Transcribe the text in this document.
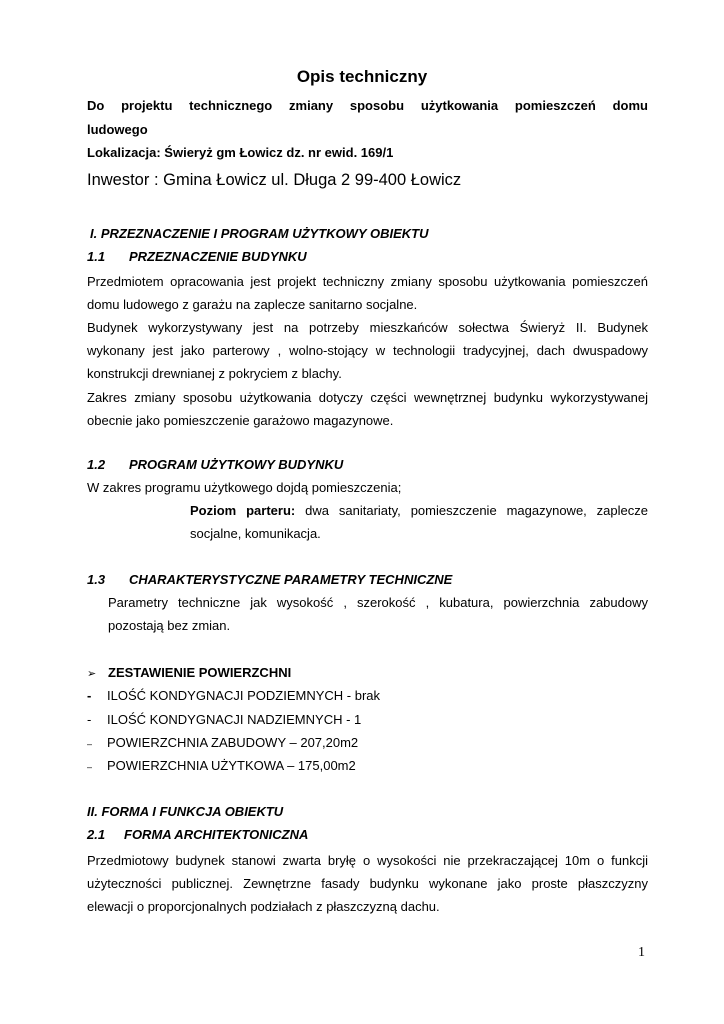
Opis techniczny
Do projektu technicznego zmiany sposobu użytkowania pomieszczeń domu
ludowego
Lokalizacja: Świeryż gm Łowicz dz. nr ewid. 169/1
Inwestor : Gmina Łowicz ul. Długa 2 99-400 Łowicz
I. PRZEZNACZENIE I PROGRAM UŻYTKOWY OBIEKTU
1.1 PRZEZNACZENIE BUDYNKU
Przedmiotem opracowania jest projekt techniczny zmiany sposobu użytkowania pomieszczeń
domu ludowego z garażu na zaplecze sanitarno socjalne.
Budynek wykorzystywany jest na potrzeby mieszkańców sołectwa Świeryż II. Budynek
wykonany jest jako parterowy , wolno-stojący w technologii tradycyjnej, dach dwuspadowy
konstrukcji drewnianej z pokryciem z blachy.
Zakres zmiany sposobu użytkowania dotyczy części wewnętrznej budynku wykorzystywanej
obecnie jako pomieszczenie garażowo magazynowe.
1.2 PROGRAM UŻYTKOWY BUDYNKU
W zakres programu użytkowego dojdą pomieszczenia;
Poziom parteru: dwa sanitariaty, pomieszczenie magazynowe, zaplecze
socjalne, komunikacja.
1.3 CHARAKTERYSTYCZNE PARAMETRY TECHNICZNE
Parametry techniczne jak wysokość , szerokość , kubatura, powierzchnia zabudowy
pozostają bez zmian.
➢ ZESTAWIENIE POWIERZCHNI
- ILOŚĆ KONDYGNACJI PODZIEMNYCH - brak
- ILOŚĆ KONDYGNACJI NADZIEMNYCH - 1
– POWIERZCHNIA ZABUDOWY – 207,20m2
– POWIERZCHNIA UŻYTKOWA – 175,00m2
II. FORMA I FUNKCJA OBIEKTU
2.1 FORMA ARCHITEKTONICZNA
Przedmiotowy budynek stanowi zwarta bryłę o wysokości nie przekraczającej 10m o funkcji
użyteczności publicznej. Zewnętrzne fasady budynku wykonane jako proste płaszczyzny
elewacji o proporcjonalnych podziałach z płaszczyzną dachu.
1
